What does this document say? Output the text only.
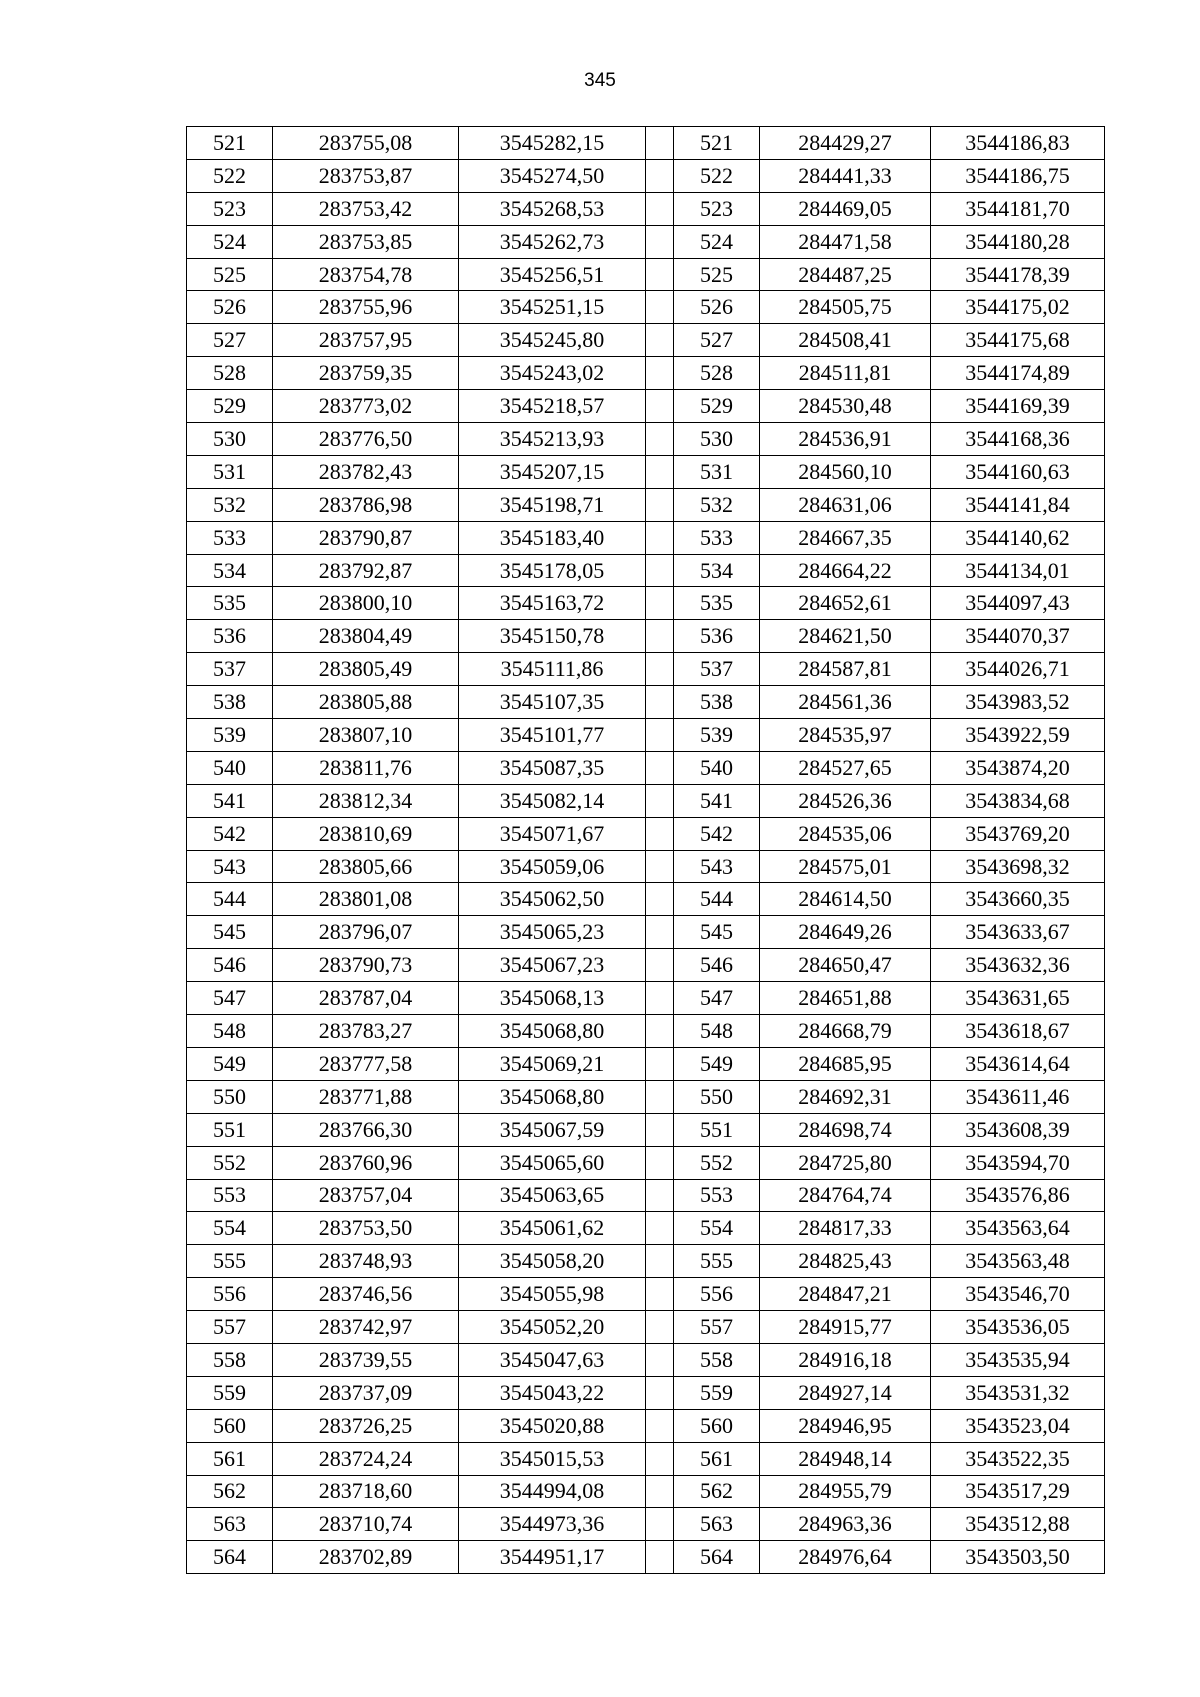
345
521	283755,08	3545282,15		521	284429,27	3544186,83
522	283753,87	3545274,50		522	284441,33	3544186,75
523	283753,42	3545268,53		523	284469,05	3544181,70
524	283753,85	3545262,73		524	284471,58	3544180,28
525	283754,78	3545256,51		525	284487,25	3544178,39
526	283755,96	3545251,15		526	284505,75	3544175,02
527	283757,95	3545245,80		527	284508,41	3544175,68
528	283759,35	3545243,02		528	284511,81	3544174,89
529	283773,02	3545218,57		529	284530,48	3544169,39
530	283776,50	3545213,93		530	284536,91	3544168,36
531	283782,43	3545207,15		531	284560,10	3544160,63
532	283786,98	3545198,71		532	284631,06	3544141,84
533	283790,87	3545183,40		533	284667,35	3544140,62
534	283792,87	3545178,05		534	284664,22	3544134,01
535	283800,10	3545163,72		535	284652,61	3544097,43
536	283804,49	3545150,78		536	284621,50	3544070,37
537	283805,49	3545111,86		537	284587,81	3544026,71
538	283805,88	3545107,35		538	284561,36	3543983,52
539	283807,10	3545101,77		539	284535,97	3543922,59
540	283811,76	3545087,35		540	284527,65	3543874,20
541	283812,34	3545082,14		541	284526,36	3543834,68
542	283810,69	3545071,67		542	284535,06	3543769,20
543	283805,66	3545059,06		543	284575,01	3543698,32
544	283801,08	3545062,50		544	284614,50	3543660,35
545	283796,07	3545065,23		545	284649,26	3543633,67
546	283790,73	3545067,23		546	284650,47	3543632,36
547	283787,04	3545068,13		547	284651,88	3543631,65
548	283783,27	3545068,80		548	284668,79	3543618,67
549	283777,58	3545069,21		549	284685,95	3543614,64
550	283771,88	3545068,80		550	284692,31	3543611,46
551	283766,30	3545067,59		551	284698,74	3543608,39
552	283760,96	3545065,60		552	284725,80	3543594,70
553	283757,04	3545063,65		553	284764,74	3543576,86
554	283753,50	3545061,62		554	284817,33	3543563,64
555	283748,93	3545058,20		555	284825,43	3543563,48
556	283746,56	3545055,98		556	284847,21	3543546,70
557	283742,97	3545052,20		557	284915,77	3543536,05
558	283739,55	3545047,63		558	284916,18	3543535,94
559	283737,09	3545043,22		559	284927,14	3543531,32
560	283726,25	3545020,88		560	284946,95	3543523,04
561	283724,24	3545015,53		561	284948,14	3543522,35
562	283718,60	3544994,08		562	284955,79	3543517,29
563	283710,74	3544973,36		563	284963,36	3543512,88
564	283702,89	3544951,17		564	284976,64	3543503,50
